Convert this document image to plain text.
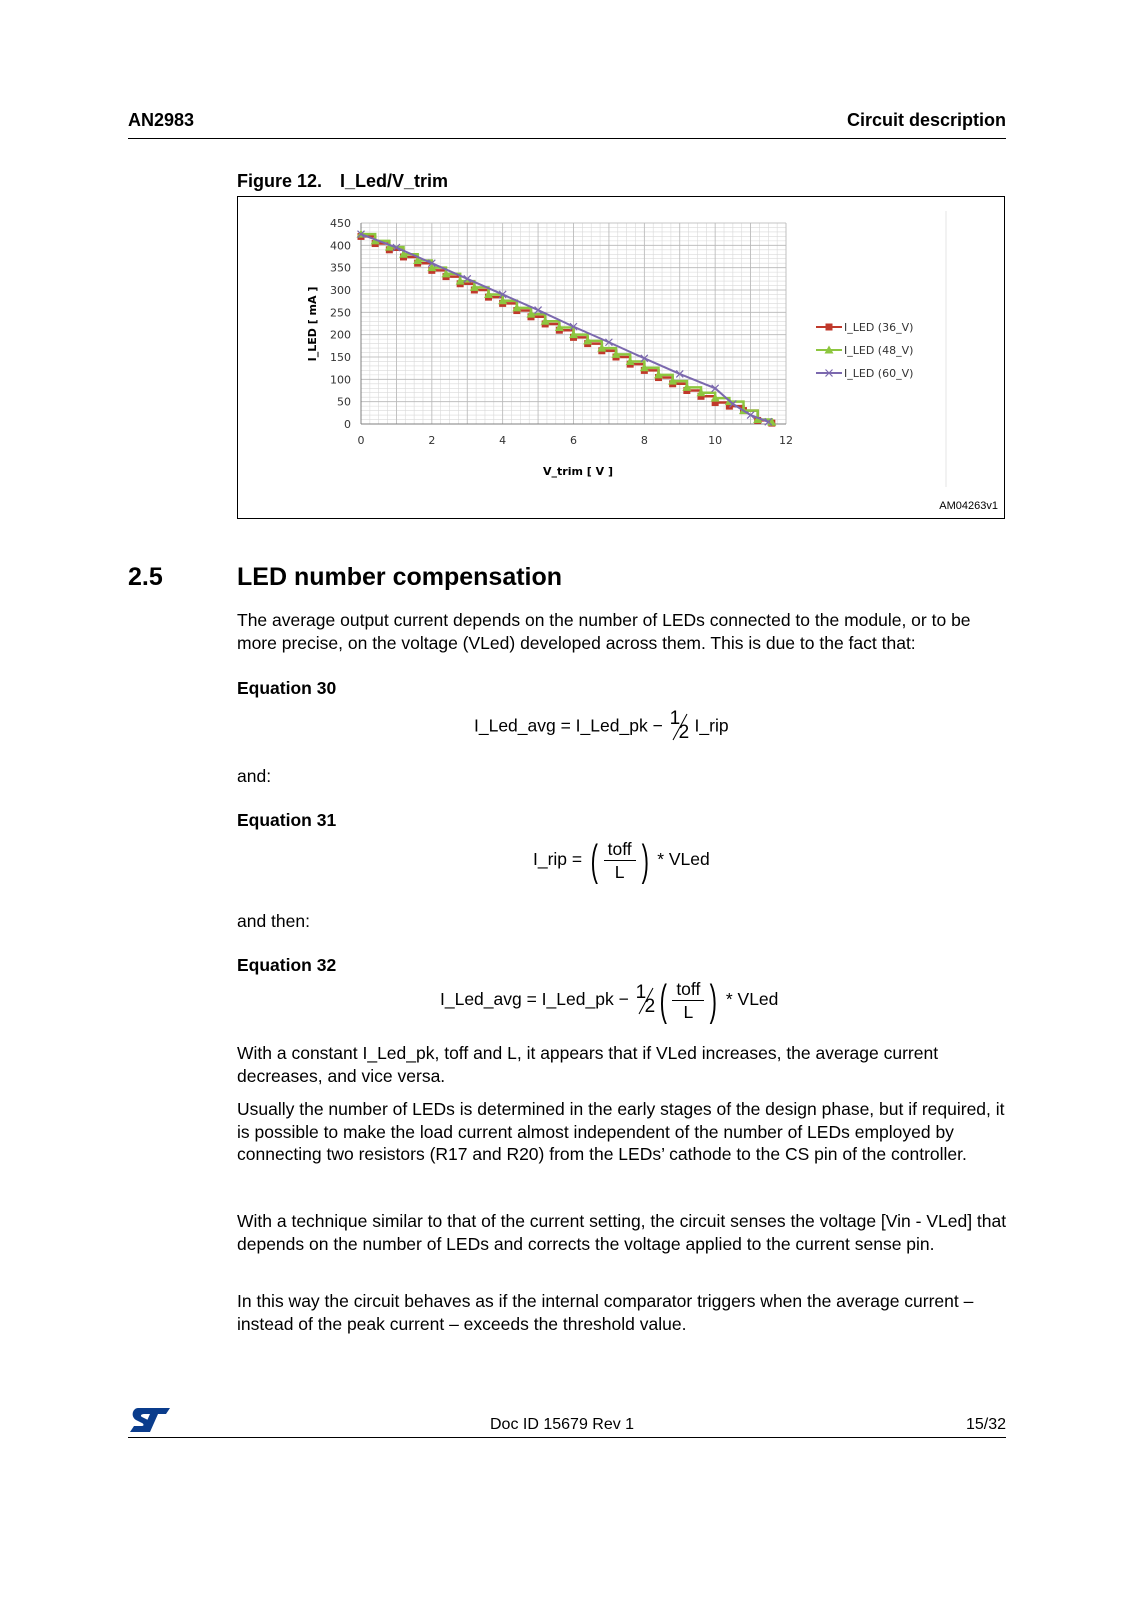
AN2983	Circuit description
Figure 12. I_Led/V_trim
0	2	4	6	8	10	12
0
50
100
150
200
250
300
350
400
450
I_LED (36_V)
I_LED (48_V)
I_LED (60_V)
V_trim [ V ]
I_LED [ mA ]
AM04263v1
2.5	LED number compensation
The average output current depends on the number of LEDs connected to the module, or to be more precise, on the voltage (VLed) developed across them. This is due to the fact that:
Equation 30
I_Led_avg = I_Led_pk − 1
2 I_rip
and:
Equation 31
I_rip = ( $\frac{\text{toff}}{L}$ ) * VLed
and then:
Equation 32
I_Led_avg = I_Led_pk − 1
2 ( $\frac{\text{toff}}{L}$ ) * VLed
With a constant I_Led_pk, toff and L, it appears that if VLed increases, the average current decreases, and vice versa.
Usually the number of LEDs is determined in the early stages of the design phase, but if required, it is possible to make the load current almost independent of the number of LEDs employed by connecting two resistors (R17 and R20) from the LEDs’ cathode to the CS pin of the controller.
With a technique similar to that of the current setting, the circuit senses the voltage [Vin - VLed] that depends on the number of LEDs and corrects the voltage applied to the current sense pin.
In this way the circuit behaves as if the internal comparator triggers when the average current – instead of the peak current – exceeds the threshold value.
Doc ID 15679 Rev 1	15/32
